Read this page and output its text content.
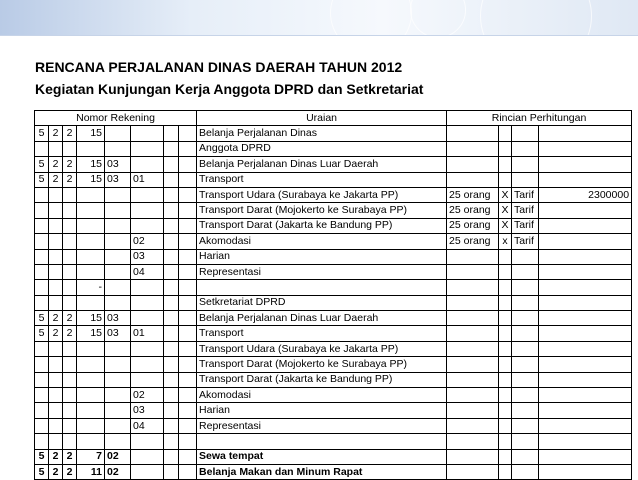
RENCANA PERJALANAN DINAS DAERAH TAHUN 2012
Kegiatan Kunjungan Kerja Anggota DPRD dan Setkretariat
Nomor Rekening								Uraian	Rincian Perhitungan			
5	2	2	15					Belanja Perjalanan Dinas				
								Anggota DPRD				
5	2	2	15	03				Belanja Perjalanan Dinas Luar Daerah				
5	2	2	15	03	01			Transport				
								Transport Udara (Surabaya ke Jakarta PP)	25 orang	X	Tarif	2300000
								Transport Darat (Mojokerto ke Surabaya PP)	25 orang	X	Tarif	
								Transport Darat (Jakarta ke Bandung PP)	25 orang	X	Tarif	
					02			Akomodasi	25 orang	x	Tarif	
					03			Harian				
					04			Representasi				
			-									
								Setkretariat DPRD				
5	2	2	15	03				Belanja Perjalanan Dinas Luar Daerah				
5	2	2	15	03	01			Transport				
								Transport Udara (Surabaya ke Jakarta PP)				
								Transport Darat (Mojokerto ke Surabaya PP)				
								Transport Darat (Jakarta ke Bandung PP)				
					02			Akomodasi				
					03			Harian				
					04			Representasi				

5	2	2	7	02				Sewa tempat				
5	2	2	11	02				Belanja Makan dan Minum Rapat				
